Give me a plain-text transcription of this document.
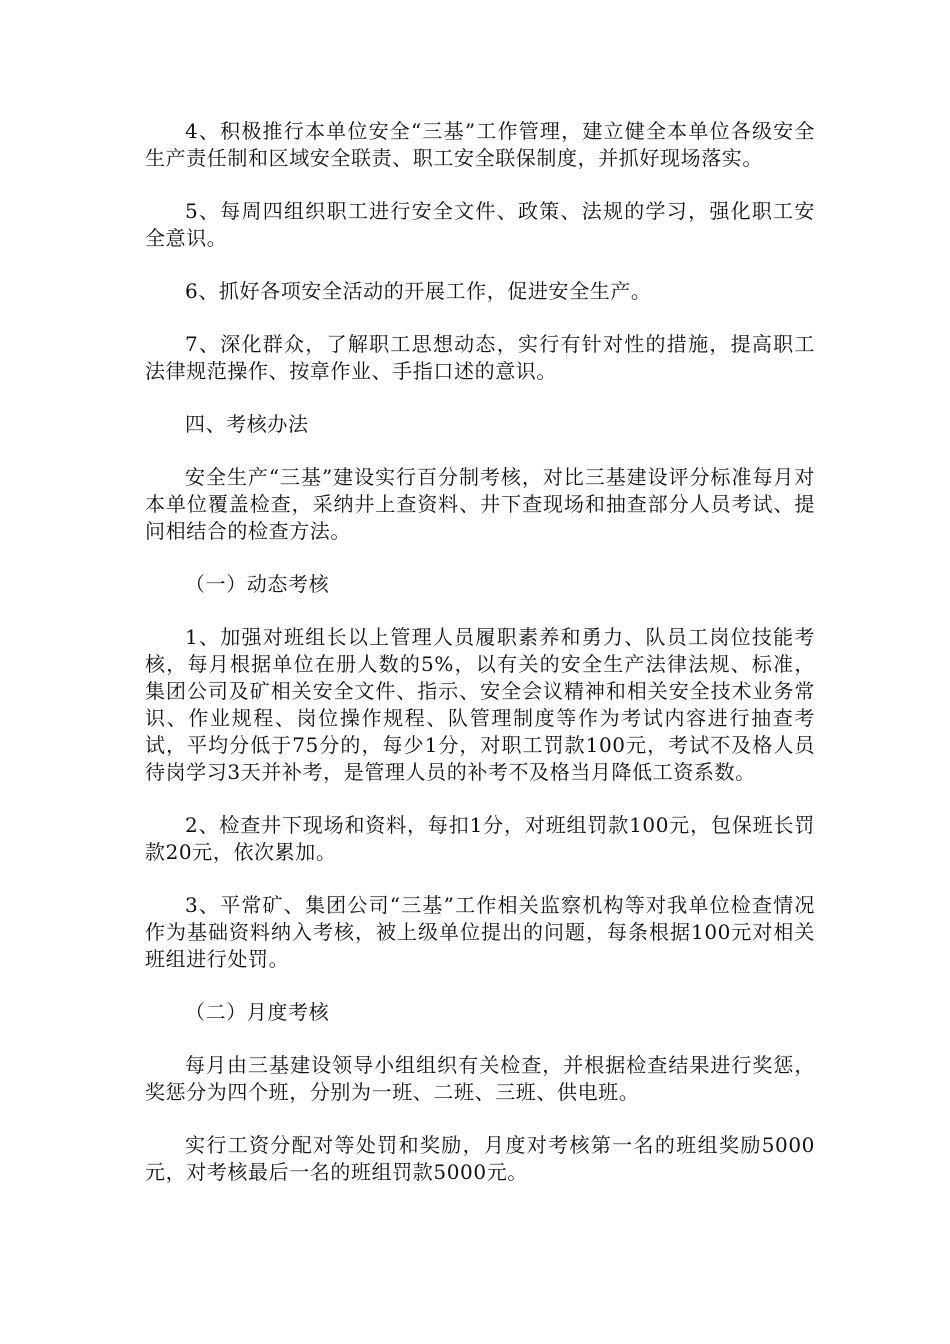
4、积极推行本单位安全“三基”工作管理，建立健全本单位各级安全生产责任制和区域安全联责、职工安全联保制度，并抓好现场落实。

5、每周四组织职工进行安全文件、政策、法规的学习，强化职工安全意识。

6、抓好各项安全活动的开展工作，促进安全生产。

7、深化群众，了解职工思想动态，实行有针对性的措施，提高职工法律规范操作、按章作业、手指口述的意识。

四、考核办法

安全生产“三基”建设实行百分制考核，对比三基建设评分标准每月对本单位覆盖检查，采纳井上查资料、井下查现场和抽查部分人员考试、提问相结合的检查方法。

（一）动态考核

1、加强对班组长以上管理人员履职素养和勇力、队员工岗位技能考核，每月根据单位在册人数的5%，以有关的安全生产法律法规、标准，集团公司及矿相关安全文件、指示、安全会议精神和相关安全技术业务常识、作业规程、岗位操作规程、队管理制度等作为考试内容进行抽查考试，平均分低于75分的，每少1分，对职工罚款100元，考试不及格人员待岗学习3天并补考，是管理人员的补考不及格当月降低工资系数。

2、检查井下现场和资料，每扣1分，对班组罚款100元，包保班长罚款20元，依次累加。

3、平常矿、集团公司“三基”工作相关监察机构等对我单位检查情况作为基础资料纳入考核，被上级单位提出的问题，每条根据100元对相关班组进行处罚。

（二）月度考核

每月由三基建设领导小组组织有关检查，并根据检查结果进行奖惩，奖惩分为四个班，分别为一班、二班、三班、供电班。

实行工资分配对等处罚和奖励，月度对考核第一名的班组奖励5000元，对考核最后一名的班组罚款5000元。
